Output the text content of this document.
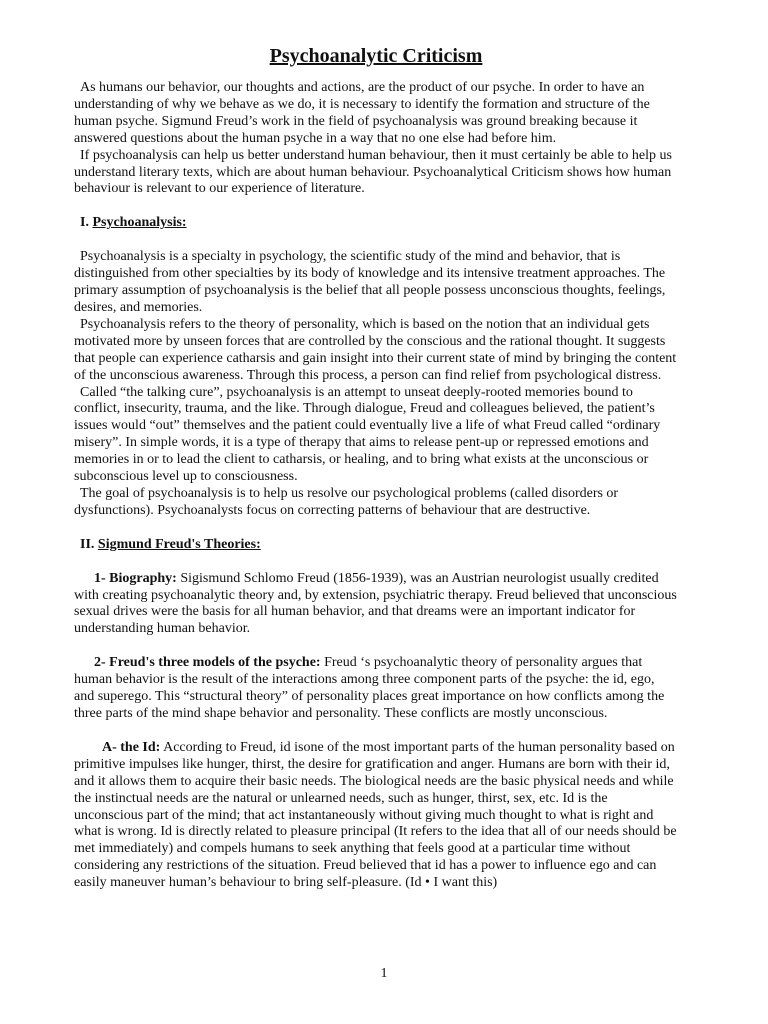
Psychoanalytic Criticism

As humans our behavior, our thoughts and actions, are the product of our psyche. In order to have an understanding of why we behave as we do, it is necessary to identify the formation and structure of the human psyche. Sigmund Freud’s work in the field of psychoanalysis was ground breaking because it answered questions about the human psyche in a way that no one else had before him.

If psychoanalysis can help us better understand human behaviour, then it must certainly be able to help us understand literary texts, which are about human behaviour. Psychoanalytical Criticism shows how human behaviour is relevant to our experience of literature.

I. Psychoanalysis:

Psychoanalysis is a specialty in psychology, the scientific study of the mind and behavior, that is distinguished from other specialties by its body of knowledge and its intensive treatment approaches. The primary assumption of psychoanalysis is the belief that all people possess unconscious thoughts, feelings, desires, and memories.

Psychoanalysis refers to the theory of personality, which is based on the notion that an individual gets motivated more by unseen forces that are controlled by the conscious and the rational thought. It suggests that people can experience catharsis and gain insight into their current state of mind by bringing the content of the unconscious awareness. Through this process, a person can find relief from psychological distress.

Called “the talking cure”, psychoanalysis is an attempt to unseat deeply-rooted memories bound to conflict, insecurity, trauma, and the like. Through dialogue, Freud and colleagues believed, the patient’s issues would “out” themselves and the patient could eventually live a life of what Freud called “ordinary misery”. In simple words, it is a type of therapy that aims to release pent-up or repressed emotions and memories in or to lead the client to catharsis, or healing, and to bring what exists at the unconscious or subconscious level up to consciousness.

The goal of psychoanalysis is to help us resolve our psychological problems (called disorders or dysfunctions). Psychoanalysts focus on correcting patterns of behaviour that are destructive.

II. Sigmund Freud's Theories:

1- Biography: Sigismund Schlomo Freud (1856-1939), was an Austrian neurologist usually credited with creating psychoanalytic theory and, by extension, psychiatric therapy. Freud believed that unconscious sexual drives were the basis for all human behavior, and that dreams were an important indicator for understanding human behavior.

2- Freud's three models of the psyche: Freud ‘s psychoanalytic theory of personality argues that human behavior is the result of the interactions among three component parts of the psyche: the id, ego, and superego. This “structural theory” of personality places great importance on how conflicts among the three parts of the mind shape behavior and personality. These conflicts are mostly unconscious.

A- the Id: According to Freud, id isone of the most important parts of the human personality based on primitive impulses like hunger, thirst, the desire for gratification and anger. Humans are born with their id, and it allows them to acquire their basic needs. The biological needs are the basic physical needs and while the instinctual needs are the natural or unlearned needs, such as hunger, thirst, sex, etc. Id is the unconscious part of the mind; that act instantaneously without giving much thought to what is right and what is wrong. Id is directly related to pleasure principal (It refers to the idea that all of our needs should be met immediately) and compels humans to seek anything that feels good at a particular time without considering any restrictions of the situation. Freud believed that id has a power to influence ego and can easily maneuver human’s behaviour to bring self-pleasure. (Id • I want this)

1
